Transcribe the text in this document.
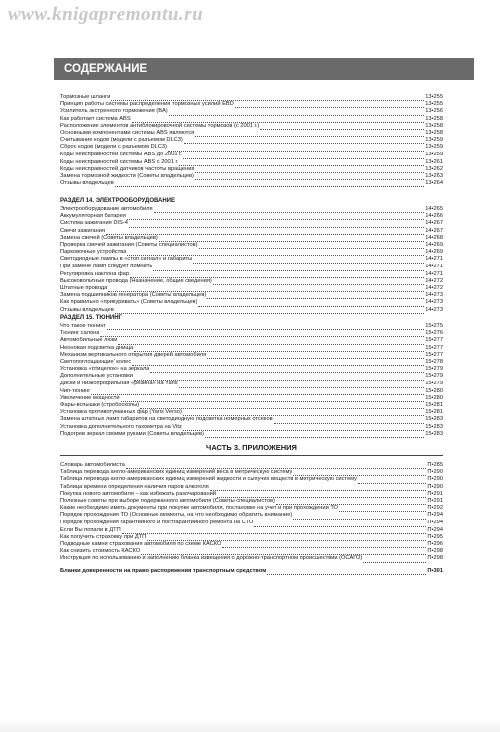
www.knigapremontu.ru
СОДЕРЖАНИЕ
Тормозные шланги	13•255
Принцип работы системы распределения тормозных усилий EBD	13•255
Усилитель экстренного торможения (BA)	13•256
Как работает система ABS	13•258
Расположение элементов антиблокировочной системы тормозов (с 2001 г.)	13•258
Основными компонентами системы ABS являются	13•258
Считывание кодов (модели с разъемом DLC3)	13•259
Сброс кодов (модели с разъемом DLC3)	13•259
Коды неисправностей системы ABS до 2001 г.	13•259
Коды неисправностей системы ABS с 2001 г.	13•261
Коды неисправностей датчиков частоты вращения	13•262
Замена тормозной жидкости (Советы владельцев)	13•263
Отзывы владельцев	13•264
РАЗДЕЛ 14. ЭЛЕКТРООБОРУДОВАНИЕ
Электрооборудование автомобиля	14•265
Аккумуляторная батарея	14•266
Система зажигания DIS-4	14•267
Свечи зажигания	14•267
Замена свечей (Советы владельцев)	14•268
Проверка свечей зажигания (Советы специалистов)	14•269
Парковочные устройства	14•269
Светодиодные лампы в «стоп сигнал» и габариты	14•271
При замене ламп следует помнить	14•271
Регулировка наклона фар	14•271
Высоковольтные провода (Назначение, общие сведения)	14•272
Штатные провода	14•272
Замена подшипников генератора (Советы владельцев)	14•273
Как правильно «прикуривать» (Советы владельцев)	14•273
Отзывы владельцев	14•273
РАЗДЕЛ 15. ТЮНИНГ
Что такое тюнинг	15•275
Тюнинг салона	15•276
Автомобильные люки	15•277
Неоновая подсветка днища	15•277
Механизм вертикального открытия дверей автомобиля	15•277
Светопоглощающие' колес	15•278
Установка «птицелок» на зеркала	15•279
Дополнительные установки	15•279
Диски и низкопрофильная «резина» на Yaris	15•279
Чип-тюнинг	15•280
Увеличение мощности	15•280
Фары-вспышки (стробоскопы)	15•281
Установка противотуманных фар (Yaris Verso)	15•281
Замена штатных ламп габаритов на светодиодную подсветка номерных отсеков	15•283
Установка дополнительного тахометра на Vitz	15•283
Подогрев зеркал своими руками (Советы владельцев)	15•283
ЧАСТЬ 3. ПРИЛОЖЕНИЯ
Словарь автомобилиста	П•285
Таблица перевода англо-американских единиц измерений веса в метрическую систему	П•290
Таблица перевода англо-американских единиц измерений жидкости и сыпучих веществ в метрическую систему	П•290
Таблица времени определения наличия паров алкоголя	П•290
Покупка нового автомобиля – как избежать разочарований	П•291
Полезные советы при выборе подержанного автомобиля (Советы специалистов)	П•291
Какие необходимо иметь документы при покупке автомобиля, постановке на учет и при прохождении ТО	П•292
Порядок прохождения ТО (Основные моменты, на что необходимо обратить внимание)	П•294
Порядок прохождения гарантийного и постгарантийного ремонта на СТО	П•294
Если Вы попали в ДТП	П•294
Как получить страховку при ДТП	П•295
Подводные камни страхования автомобиля по схеме КАСКО	П•296
Как снизить стоимость КАСКО	П•298
Инструкция по использованию и заполнению бланка извещения о дорожно-транспортном происшествии (ОСАГО)	П•298
Бланки доверенности на право распоряжения транспортным средством	П•301
